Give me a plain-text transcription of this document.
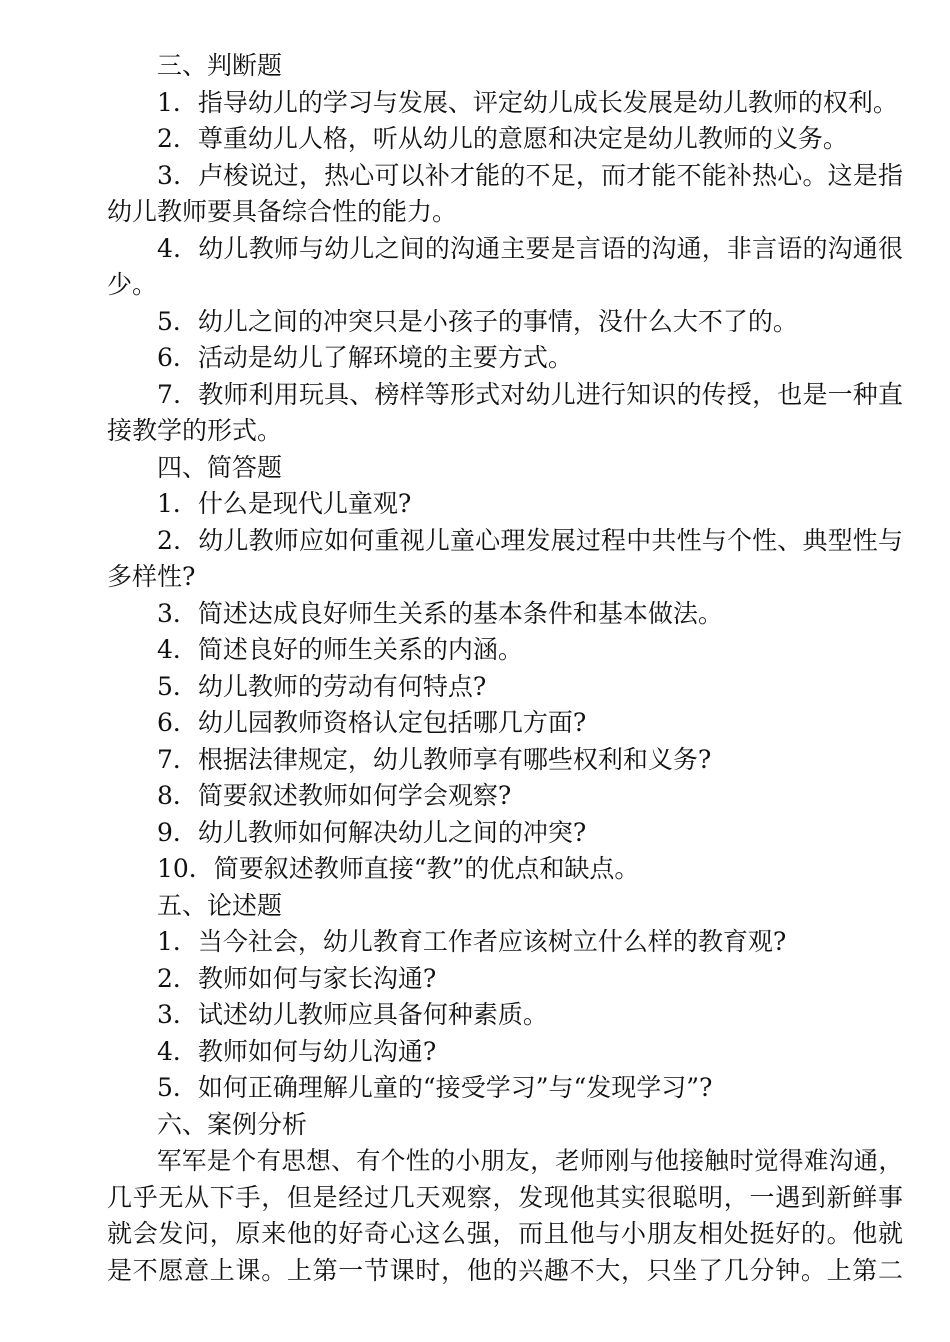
三、判断题
1．指导幼儿的学习与发展、评定幼儿成长发展是幼儿教师的权利。
2．尊重幼儿人格，听从幼儿的意愿和决定是幼儿教师的义务。
3．卢梭说过，热心可以补才能的不足，而才能不能补热心。这是指
幼儿教师要具备综合性的能力。
4．幼儿教师与幼儿之间的沟通主要是言语的沟通，非言语的沟通很
少。
5．幼儿之间的冲突只是小孩子的事情，没什么大不了的。
6．活动是幼儿了解环境的主要方式。
7．教师利用玩具、榜样等形式对幼儿进行知识的传授，也是一种直
接教学的形式。
四、简答题
1．什么是现代儿童观?
2．幼儿教师应如何重视儿童心理发展过程中共性与个性、典型性与
多样性?
3．简述达成良好师生关系的基本条件和基本做法。
4．简述良好的师生关系的内涵。
5．幼儿教师的劳动有何特点?
6．幼儿园教师资格认定包括哪几方面?
7．根据法律规定，幼儿教师享有哪些权利和义务?
8．简要叙述教师如何学会观察?
9．幼儿教师如何解决幼儿之间的冲突?
10．简要叙述教师直接“教”的优点和缺点。
五、论述题
1．当今社会，幼儿教育工作者应该树立什么样的教育观?
2．教师如何与家长沟通?
3．试述幼儿教师应具备何种素质。
4．教师如何与幼儿沟通?
5．如何正确理解儿童的“接受学习”与“发现学习”?
六、案例分析
军军是个有思想、有个性的小朋友，老师刚与他接触时觉得难沟通，
几乎无从下手，但是经过几天观察，发现他其实很聪明，一遇到新鲜事
就会发问，原来他的好奇心这么强，而且他与小朋友相处挺好的。他就
是不愿意上课。上第一节课时，他的兴趣不大，只坐了几分钟。上第二
